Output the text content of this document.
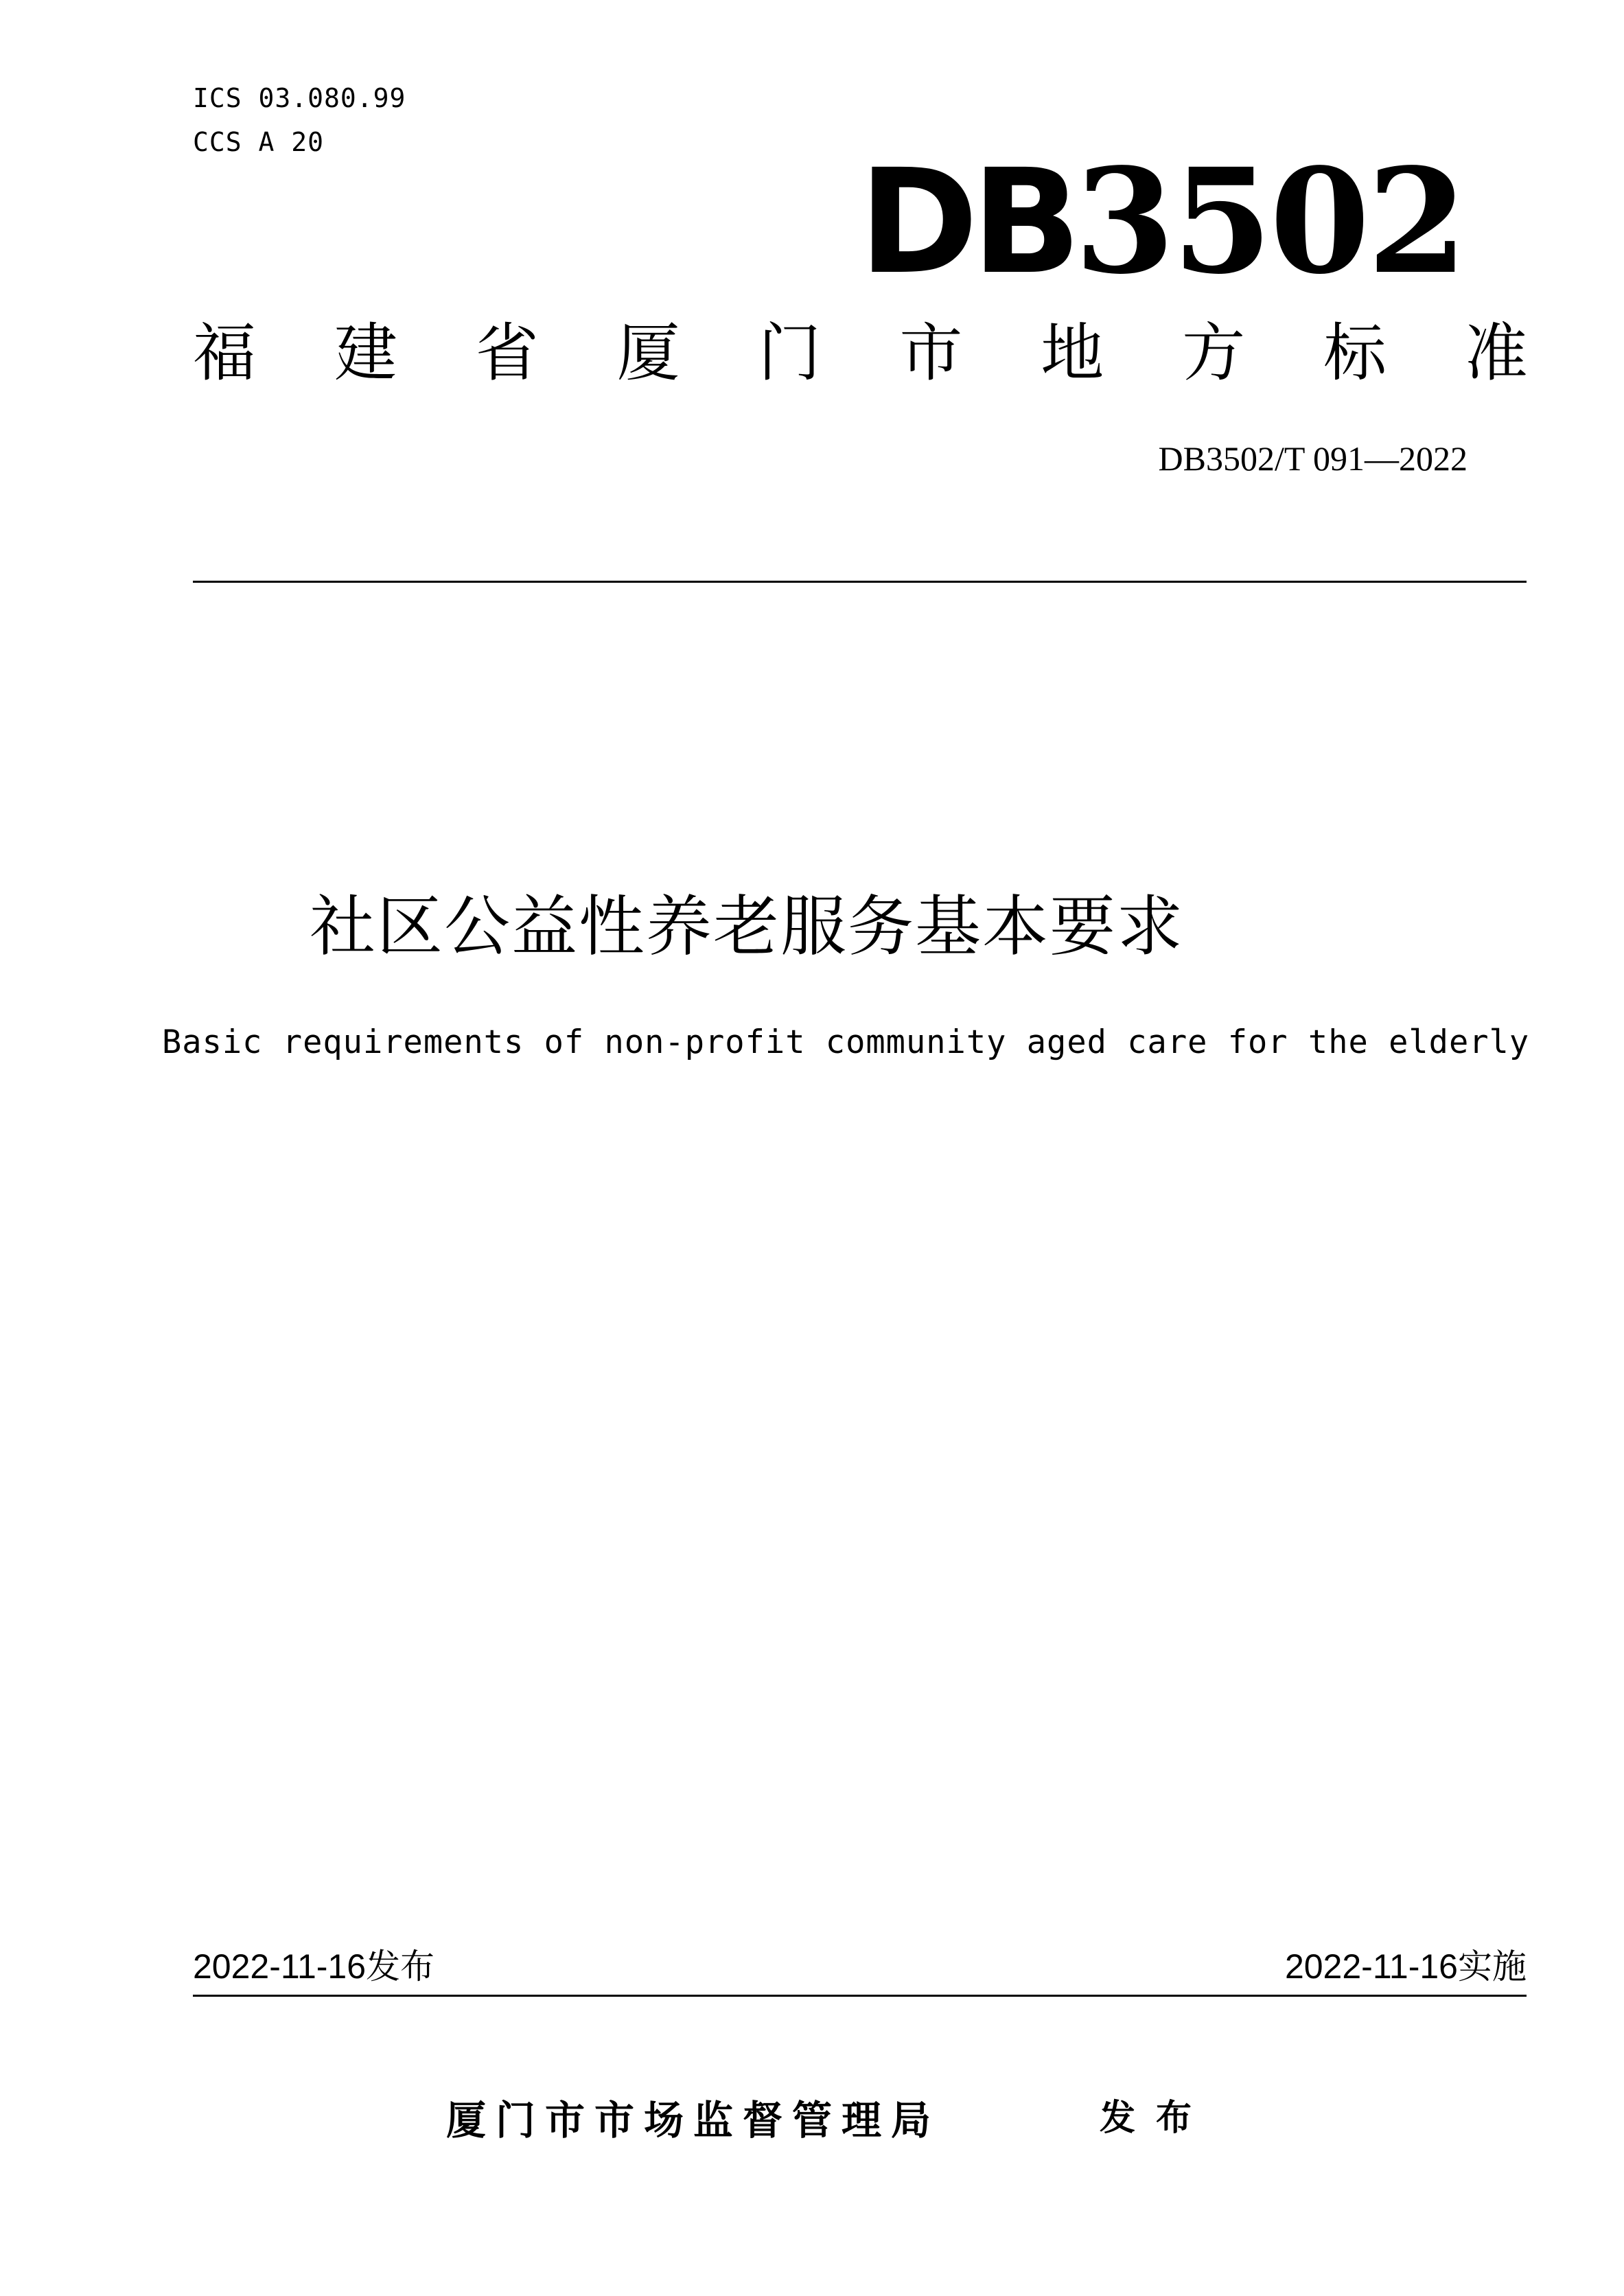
ICS 03.080.99
CCS A 20	DB3502
福 建 省 厦 门 市 地 方 标 准
DB3502/T 091—2022
社区公益性养老服务基本要求
Basic requirements of non-profit community aged care for the elderly
2022-11-16发布	2022-11-16实施
厦门市市场监督管理局	发布
